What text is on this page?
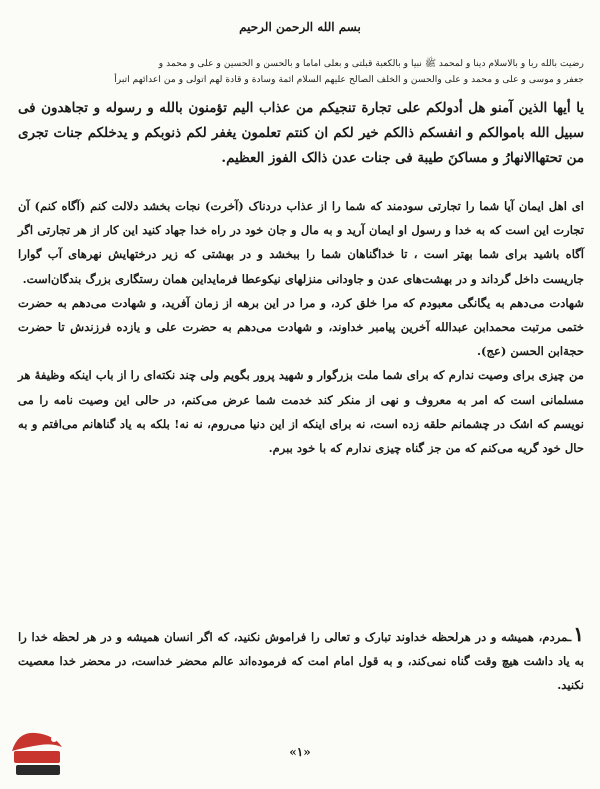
بسم الله الرحمن الرحيم

رضیت بالله ربا و بالاسلام دینا و لمحمد ﷺ نبیا و بالکعبة قبلتی و بعلی اماما و بالحسن و الحسین و علی و محمد و

جعفر و موسی و علی و محمد و علی والحسن و الخلف الصالح علیهم السلام ائمة وسادة و قادة لهم اتولی و من اعدائهم اتبرأ

یا أیها الذین آمنو هل أدولکم علی تجارة تنجیکم من عذاب الیم تؤمنون بالله و رسوله و تجاهدون فی سبیل الله باموالکم و انفسکم ذالکم خیر لکم ان کنتم تعلمون یغفر لکم ذنوبکم و یدخلکم جنات تجری من تحتهاالانهارُ و مساکنَ طیبة فی جنات عدن ذالک الفوز العظیم.

ای اهل ایمان آیا شما را تجارتی سودمند که شما را از عذاب دردناک (آخرت) نجات بخشد دلالت کنم (آگاه کنم) آن تجارت این است که به خدا و رسول او ایمان آرید و به مال و جان خود در راه خدا جهاد کنید این کار از هر تجارتی اگر آگاه باشید برای شما بهتر است ، تا خداگناهان شما را ببخشد و در بهشتی که زیر درختهایش نهرهای آب گوارا جاریست داخل گرداند و در بهشت‌های عدن و جاودانی منزلهای نیکوعطا فرمایداین همان رستگاری بزرگ بندگان‌است.

شهادت می‌دهم به یگانگی معبودم که مرا خلق کرد، و مرا در این برهه از زمان آفرید، و شهادت می‌دهم به حضرت ختمی مرتبت محمدابن عبدالله آخرین پیامبر خداوند، و شهادت می‌دهم به حضرت علی و یازده فرزندش تا حضرت حجةابن الحسن (عج).

من چیزی برای وصیت ندارم که برای شما ملت بزرگوار و شهید پرور بگویم ولی چند نکته‌ای را از باب اینکه وظیفهٔ هر مسلمانی است که امر به معروف و نهی از منکر کند خدمت شما عرض می‌کنم، در حالی این وصیت نامه را می نویسم که اشک در چشمانم حلقه زده است، نه برای اینکه از این دنیا می‌روم، نه نه! بلکه به یاد گناهانم می‌افتم و به حال خود گریه می‌کنم که من جز گناه چیزی ندارم که با خود ببرم.

۱ـمردم، همیشه و در هرلحظه خداوند تبارک و تعالی را فراموش نکنید، که اگر انسان همیشه و در هر لحظه خدا را به یاد داشت هیچ وقت گناه نمی‌کند، و به قول امام امت که فرموده‌اند عالم محضر خداست، در محضر خدا معصیت نکنید.

«۱»
